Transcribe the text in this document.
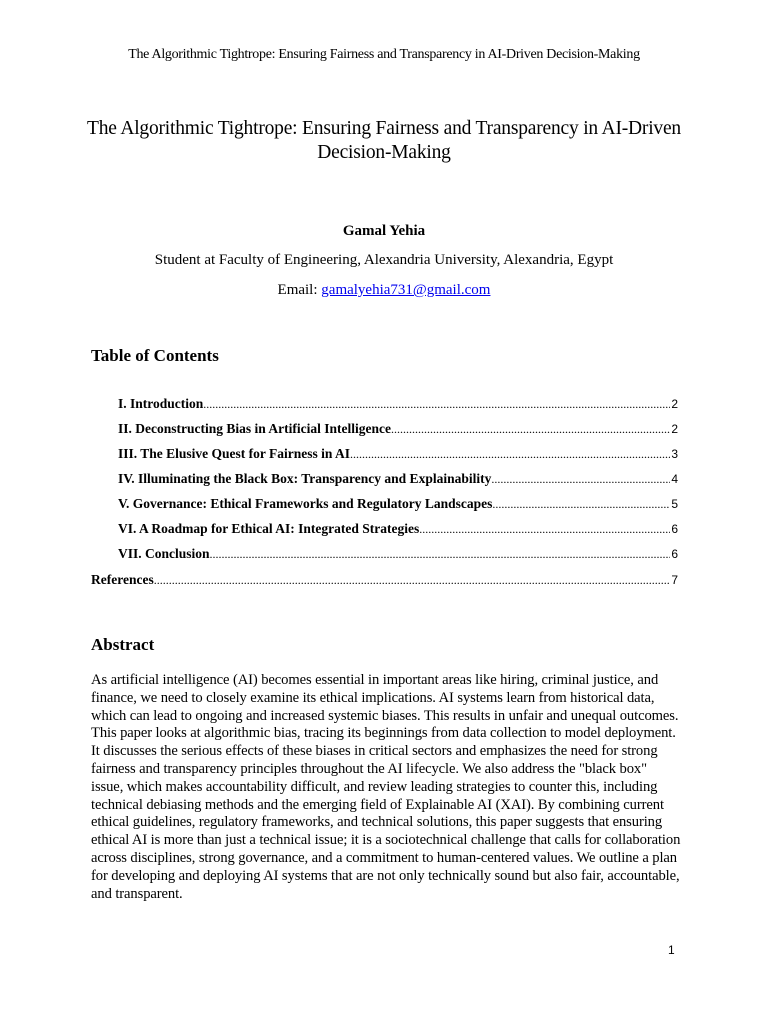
The Algorithmic Tightrope: Ensuring Fairness and Transparency in AI-Driven Decision-Making
The Algorithmic Tightrope: Ensuring Fairness and Transparency in AI-Driven Decision-Making
Gamal Yehia
Student at Faculty of Engineering, Alexandria University, Alexandria, Egypt
Email: gamalyehia731@gmail.com
Table of Contents
I. Introduction .....	2
II. Deconstructing Bias in Artificial Intelligence .....	2
III. The Elusive Quest for Fairness in AI .....	3
IV. Illuminating the Black Box: Transparency and Explainability .....	4
V. Governance: Ethical Frameworks and Regulatory Landscapes .....	5
VI. A Roadmap for Ethical AI: Integrated Strategies .....	6
VII. Conclusion .....	6
References .....	7
Abstract
As artificial intelligence (AI) becomes essential in important areas like hiring, criminal justice, and finance, we need to closely examine its ethical implications. AI systems learn from historical data, which can lead to ongoing and increased systemic biases. This results in unfair and unequal outcomes. This paper looks at algorithmic bias, tracing its beginnings from data collection to model deployment. It discusses the serious effects of these biases in critical sectors and emphasizes the need for strong fairness and transparency principles throughout the AI lifecycle. We also address the "black box" issue, which makes accountability difficult, and review leading strategies to counter this, including technical debiasing methods and the emerging field of Explainable AI (XAI). By combining current ethical guidelines, regulatory frameworks, and technical solutions, this paper suggests that ensuring ethical AI is more than just a technical issue; it is a sociotechnical challenge that calls for collaboration across disciplines, strong governance, and a commitment to human-centered values. We outline a plan for developing and deploying AI systems that are not only technically sound but also fair, accountable, and transparent.
1
